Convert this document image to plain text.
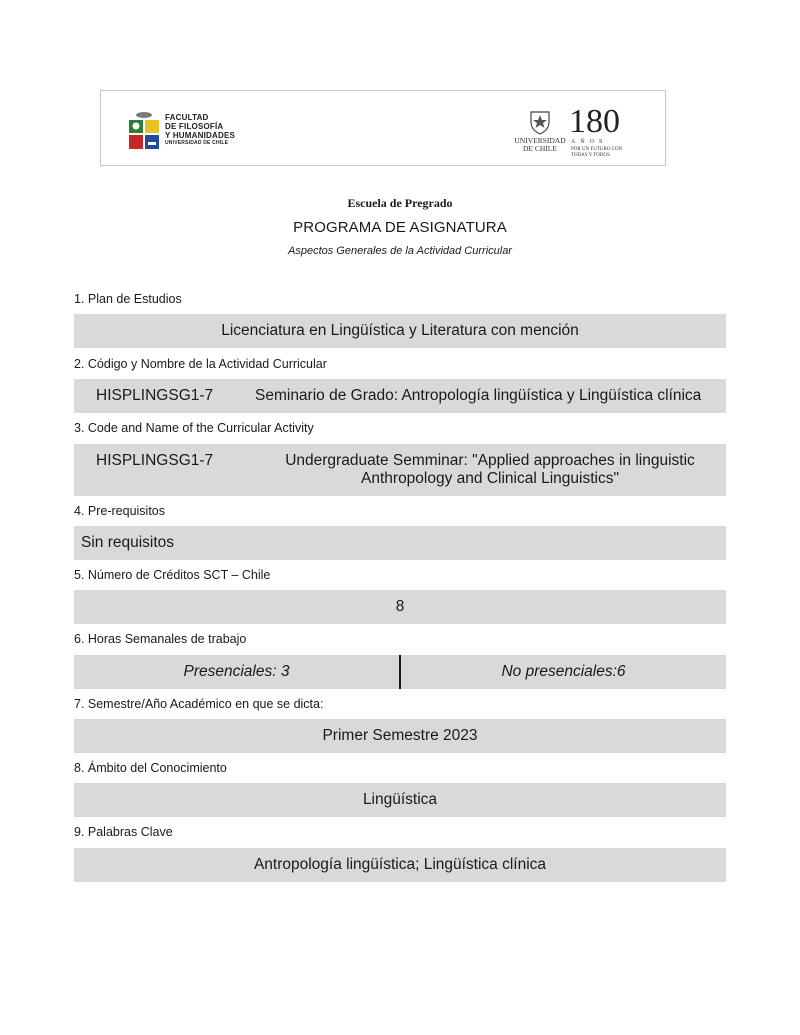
FACULTAD
DE FILOSOFÍA
Y HUMANIDADES
UNIVERSIDAD DE CHILE	UNIVERSIDAD
DE CHILE
180
AÑOS
POR UN FUTURO CON
TODAS Y TODOS
Escuela de Pregrado
PROGRAMA DE ASIGNATURA
Aspectos Generales de la Actividad Curricular
1. Plan de Estudios
Licenciatura en Lingüística y Literatura con mención
2. Código y Nombre de la Actividad Curricular
HISPLINGSG1-7	Seminario de Grado: Antropología lingüística y Lingüística clínica
3. Code and Name of the Curricular Activity
HISPLINGSG1-7	Undergraduate Semminar: "Applied approaches in linguistic
Anthropology and Clinical Linguistics"
4. Pre-requisitos
Sin requisitos
5. Número de Créditos SCT – Chile
8
6. Horas Semanales de trabajo
Presenciales: 3	No presenciales:6
7. Semestre/Año Académico en que se dicta:
Primer Semestre 2023
8. Ámbito del Conocimiento
Lingüística
9. Palabras Clave
Antropología lingüística; Lingüística clínica
